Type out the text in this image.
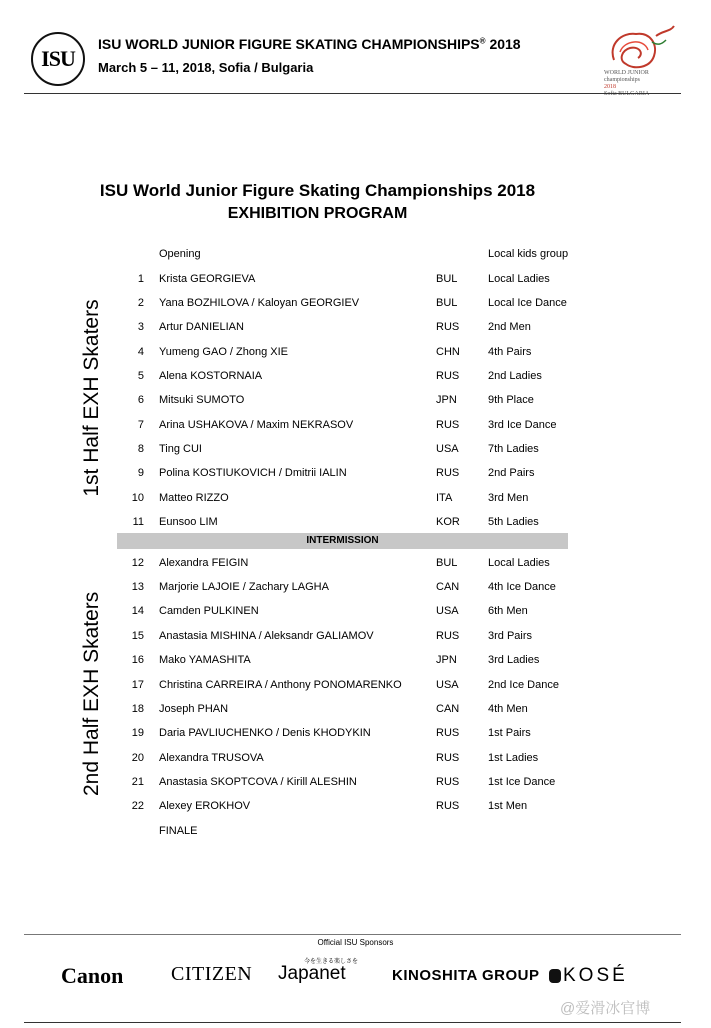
ISU
ISU WORLD JUNIOR FIGURE SKATING CHAMPIONSHIPS® 2018
March 5 – 11, 2018, Sofia / Bulgaria	WORLD JUNIOR
championships
2018
Sofia BULGARIA
ISU World Junior Figure Skating Championships 2018
EXHIBITION PROGRAM
Opening	Local kids group
1st Half EXH Skaters
2nd Half EXH Skaters
1 Krista GEORGIEVA	BUL	Local Ladies
2 Yana BOZHILOVA / Kaloyan GEORGIEV	BUL	Local Ice Dance
3 Artur DANIELIAN	RUS	2nd Men
4 Yumeng GAO / Zhong XIE	CHN	4th Pairs
5 Alena KOSTORNAIA	RUS	2nd Ladies
6 Mitsuki SUMOTO	JPN	9th Place
7 Arina USHAKOVA / Maxim NEKRASOV	RUS	3rd Ice Dance
8 Ting CUI	USA	7th Ladies
9 Polina KOSTIUKOVICH / Dmitrii IALIN	RUS	2nd Pairs
10 Matteo RIZZO	ITA	3rd Men
11 Eunsoo LIM	KOR	5th Ladies
INTERMISSION
12 Alexandra FEIGIN	BUL	Local Ladies
13 Marjorie LAJOIE / Zachary LAGHA	CAN	4th Ice Dance
14 Camden PULKINEN	USA	6th Men
15 Anastasia MISHINA / Aleksandr GALIAMOV	RUS	3rd Pairs
16 Mako YAMASHITA	JPN	3rd Ladies
17 Christina CARREIRA / Anthony PONOMARENKO	USA	2nd Ice Dance
18 Joseph PHAN	CAN	4th Men
19 Daria PAVLIUCHENKO / Denis KHODYKIN	RUS	1st Pairs
20 Alexandra TRUSOVA	RUS	1st Ladies
21 Anastasia SKOPTCOVA / Kirill ALESHIN	RUS	1st Ice Dance
22 Alexey EROKHOV	RUS	1st Men
FINALE
Official ISU Sponsors
Canon CITIZEN
今を生きる楽しさを
Japanet	KINOSHITA GROUP	KOSÉ
@爱滑冰官博
